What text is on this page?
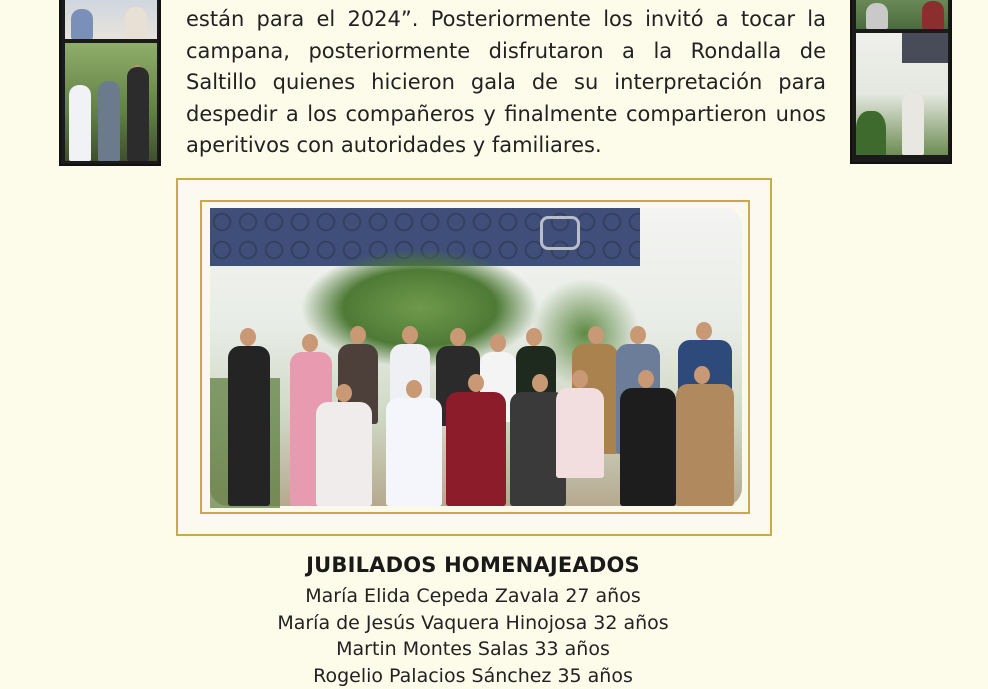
están para el 2024”. Posteriormente los invitó a tocar la
campana, posteriormente disfrutaron a la Rondalla de
Saltillo quienes hicieron gala de su interpretación para
despedir a los compañeros y finalmente compartieron unos
aperitivos con autoridades y familiares.
JUBILADOS HOMENAJEADOS
María Elida Cepeda Zavala 27 años
María de Jesús Vaquera Hinojosa 32 años
Martin Montes Salas 33 años
Rogelio Palacios Sánchez 35 años
